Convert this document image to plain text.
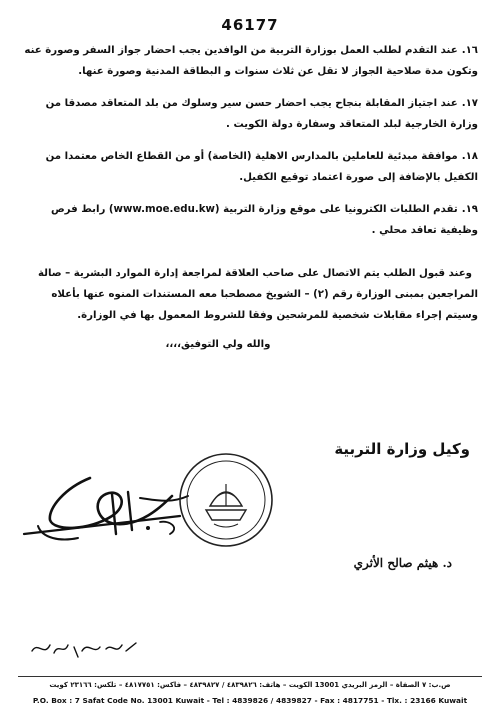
46177
١٦.عند التقدم لطلب العمل بوزارة التربية من الوافدين يجب احضار جواز السفر وصورة عنه وتكون مدة صلاحية الجواز لا تقل عن ثلاث سنوات و البطاقة المدنية وصورة عنها.
١٧.عند اجتياز المقابلة بنجاح يجب احضار حسن سير وسلوك من بلد المتعاقد مصدقا من وزارة الخارجية لبلد المتعاقد وسفارة دولة الكويت .
١٨.موافقة مبدئية للعاملين بالمدارس الاهلية (الخاصة) أو من القطاع الخاص معتمدا من الكفيل بالإضافة إلى صورة اعتماد توقيع الكفيل.
١٩.تقدم الطلبات الكترونيا على موقع وزارة التربية (www.moe.edu.kw) رابط فرص وظيفية تعاقد محلي .
وعند قبول الطلب يتم الاتصال على صاحب العلاقة لمراجعة إدارة الموارد البشرية – صالة المراجعين بمبنى الوزارة رقم (٢) – الشويخ مصطحبا معه المستندات المنوه عنها بأعلاه وسيتم إجراء مقابلات شخصية للمرشحين وفقا للشروط المعمول بها في الوزارة.
والله ولي التوفيق،،،،
وكيل وزارة التربية
د. هيثم صالح الأثري
ص.ب: ٧ الصفاة – الرمز البريدي 13001 الكويت – هاتف: ٤٨٣٩٨٢٦ / ٤٨٣٩٨٢٧ – فاكس: ٤٨١٧٧٥١ – تلكس: ٢٣١٦٦ كويت
P.O. Box : 7 Safat Code No. 13001 Kuwait - Tel : 4839826 / 4839827 - Fax : 4817751 - Tlx. : 23166 Kuwait
